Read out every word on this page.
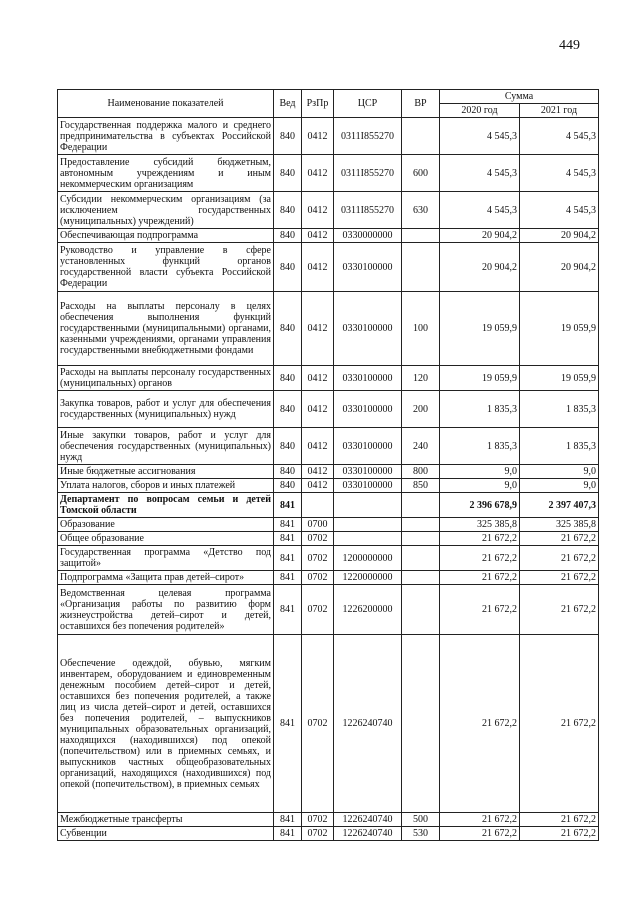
449
Наименование показателей	Вед	РзПр	ЦСР	ВР	Сумма	
					2020 год	2021 год
Государственная поддержка малого и среднего предпринимательства в субъектах Российской Федерации	840	0412	0311I855270		4 545,3	4 545,3
Предоставление субсидий бюджетным, автономным учреждениям и иным некоммерческим организациям	840	0412	0311I855270	600	4 545,3	4 545,3
Субсидии некоммерческим организациям (за исключением государственных (муниципальных) учреждений)	840	0412	0311I855270	630	4 545,3	4 545,3
Обеспечивающая подпрограмма	840	0412	0330000000		20 904,2	20 904,2
Руководство и управление в сфере установленных функций органов государственной власти субъекта Российской Федерации	840	0412	0330100000		20 904,2	20 904,2
Расходы на выплаты персоналу в целях обеспечения выполнения функций государственными (муниципальными) органами, казенными учреждениями, органами управления государственными внебюджетными фондами	840	0412	0330100000	100	19 059,9	19 059,9
Расходы на выплаты персоналу государственных (муниципальных) органов	840	0412	0330100000	120	19 059,9	19 059,9
Закупка товаров, работ и услуг для обеспечения государственных (муниципальных) нужд	840	0412	0330100000	200	1 835,3	1 835,3
Иные закупки товаров, работ и услуг для обеспечения государственных (муниципальных) нужд	840	0412	0330100000	240	1 835,3	1 835,3
Иные бюджетные ассигнования	840	0412	0330100000	800	9,0	9,0
Уплата налогов, сборов и иных платежей	840	0412	0330100000	850	9,0	9,0
Департамент по вопросам семьи и детей Томской области	841				2 396 678,9	2 397 407,3
Образование	841	0700			325 385,8	325 385,8
Общее образование	841	0702			21 672,2	21 672,2
Государственная программа «Детство под защитой»	841	0702	1200000000		21 672,2	21 672,2
Подпрограмма «Защита прав детей–сирот»	841	0702	1220000000		21 672,2	21 672,2
Ведомственная целевая программа «Организация работы по развитию форм жизнеустройства детей–сирот и детей, оставшихся без попечения родителей»	841	0702	1226200000		21 672,2	21 672,2
Обеспечение одеждой, обувью, мягким инвентарем, оборудованием и единовременным денежным пособием детей–сирот и детей, оставшихся без попечения родителей, а также лиц из числа детей–сирот и детей, оставшихся без попечения родителей, – выпускников муниципальных образовательных организаций, находящихся (находившихся) под опекой (попечительством) или в приемных семьях, и выпускников частных общеобразовательных организаций, находящихся (находившихся) под опекой (попечительством), в приемных семьях	841	0702	1226240740		21 672,2	21 672,2
Межбюджетные трансферты	841	0702	1226240740	500	21 672,2	21 672,2
Субвенции	841	0702	1226240740	530	21 672,2	21 672,2
